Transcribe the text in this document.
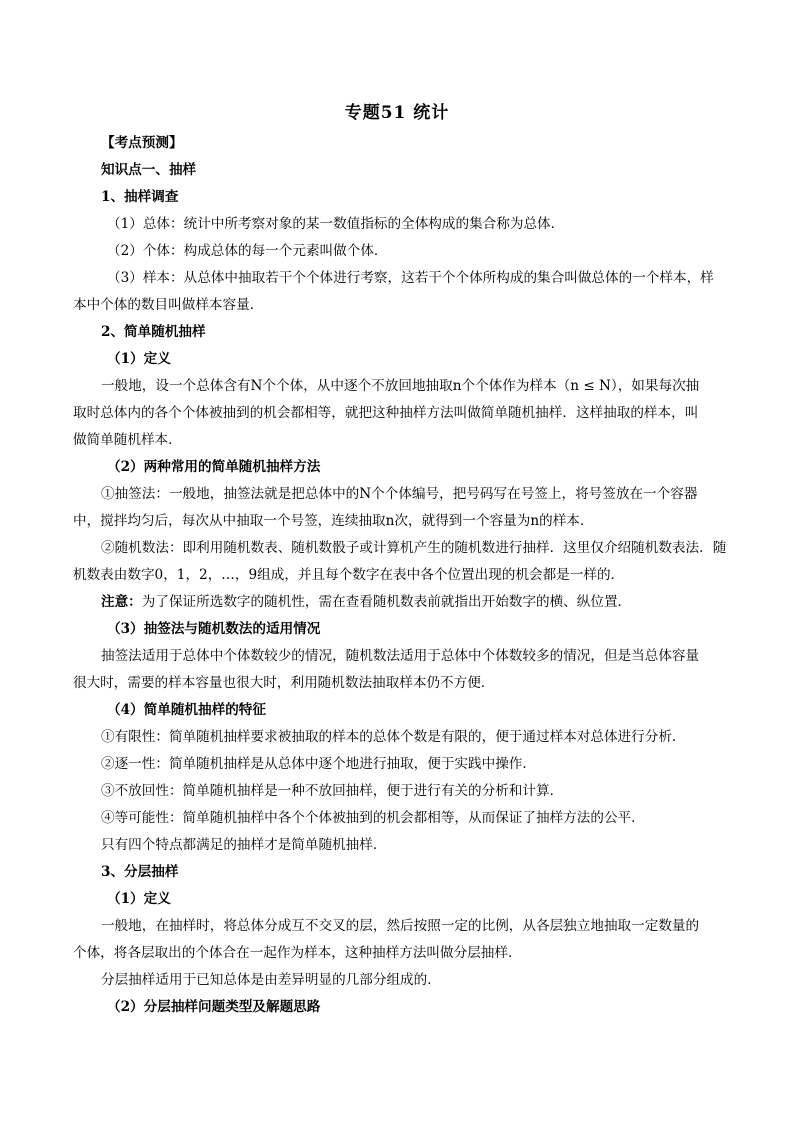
专题51 统计
【考点预测】
知识点一、抽样
1、抽样调查
（1）总体：统计中所考察对象的某一数值指标的全体构成的集合称为总体．
（2）个体：构成总体的每一个元素叫做个体．
（3）样本：从总体中抽取若干个个体进行考察，这若干个个体所构成的集合叫做总体的一个样本，样
本中个体的数目叫做样本容量．
2、简单随机抽样
（1）定义
一般地，设一个总体含有N个个体，从中逐个不放回地抽取n个个体作为样本（n ≤ N），如果每次抽
取时总体内的各个个体被抽到的机会都相等，就把这种抽样方法叫做简单随机抽样．这样抽取的样本，叫
做简单随机样本．
（2）两种常用的简单随机抽样方法
①抽签法：一般地，抽签法就是把总体中的N个个体编号，把号码写在号签上，将号签放在一个容器
中，搅拌均匀后，每次从中抽取一个号签，连续抽取n次，就得到一个容量为n的样本．
②随机数法：即利用随机数表、随机数骰子或计算机产生的随机数进行抽样．这里仅介绍随机数表法．随
机数表由数字0，1，2，…，9组成，并且每个数字在表中各个位置出现的机会都是一样的．
注意：为了保证所选数字的随机性，需在查看随机数表前就指出开始数字的横、纵位置．
（3）抽签法与随机数法的适用情况
抽签法适用于总体中个体数较少的情况，随机数法适用于总体中个体数较多的情况，但是当总体容量
很大时，需要的样本容量也很大时，利用随机数法抽取样本仍不方便．
（4）简单随机抽样的特征
①有限性：简单随机抽样要求被抽取的样本的总体个数是有限的，便于通过样本对总体进行分析．
②逐一性：简单随机抽样是从总体中逐个地进行抽取，便于实践中操作．
③不放回性：简单随机抽样是一种不放回抽样，便于进行有关的分析和计算．
④等可能性：简单随机抽样中各个个体被抽到的机会都相等，从而保证了抽样方法的公平．
只有四个特点都满足的抽样才是简单随机抽样．
3、分层抽样
（1）定义
一般地，在抽样时，将总体分成互不交叉的层，然后按照一定的比例，从各层独立地抽取一定数量的
个体，将各层取出的个体合在一起作为样本，这种抽样方法叫做分层抽样．
分层抽样适用于已知总体是由差异明显的几部分组成的．
（2）分层抽样问题类型及解题思路
